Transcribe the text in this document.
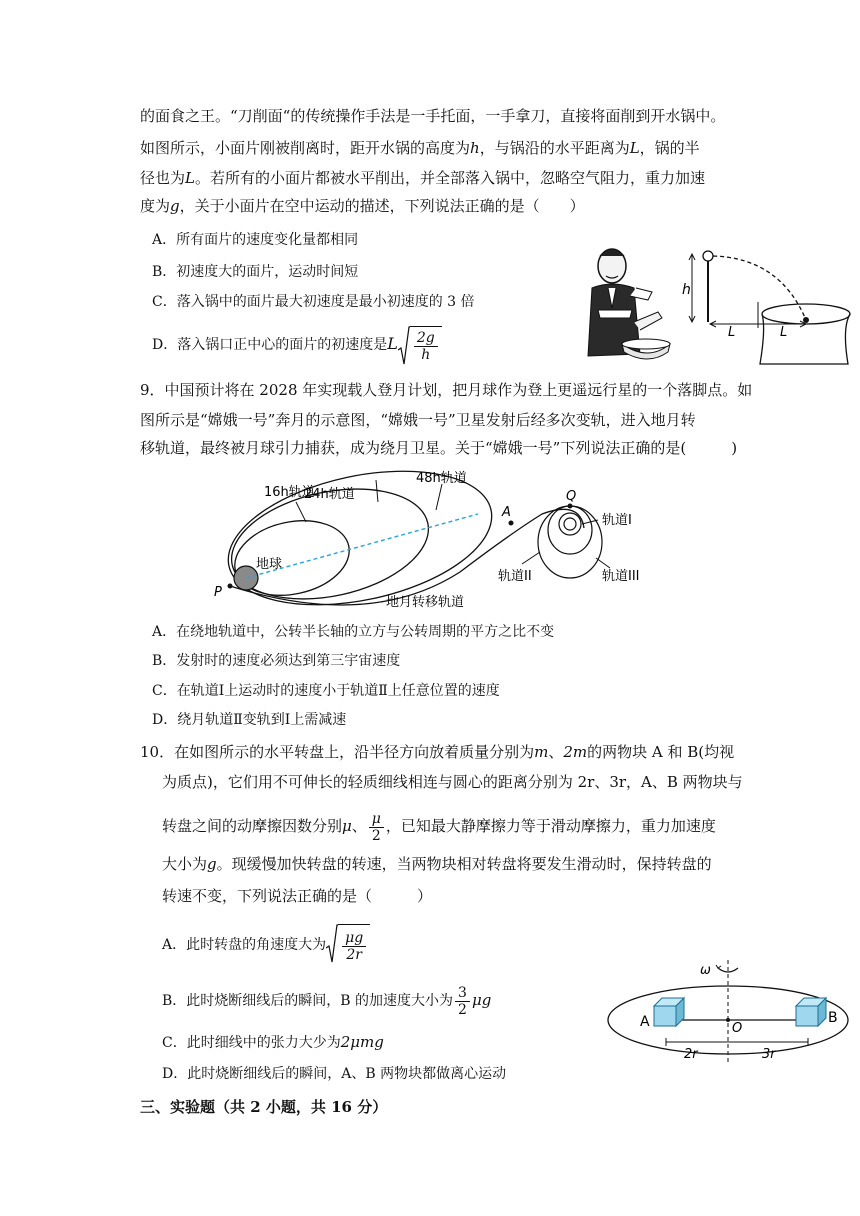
的面食之王。“刀削面“的传统操作手法是一手托面，一手拿刀，直接将面削到开水锅中。
如图所示，小面片刚被削离时，距开水锅的高度为h，与锅沿的水平距离为L，锅的半
径也为L。若所有的小面片都被水平削出，并全部落入锅中，忽略空气阻力，重力加速
度为g，关于小面片在空中运动的描述，下列说法正确的是（　　）
A．所有面片的速度变化量都相同
B．初速度大的面片，运动时间短
C．落入锅中的面片最大初速度是最小初速度的 3 倍
D．落入锅口正中心的面片的初速度是L $\frac{2g}{h}$
h
L	L
9．中国预计将在 2028 年实现载人登月计划，把月球作为登上更遥远行星的一个落脚点。如
图所示是“嫦娥一号”奔月的示意图，“嫦娥一号”卫星发射后经多次变轨，进入地月转
移轨道，最终被月球引力捕获，成为绕月卫星。关于“嫦娥一号”下列说法正确的是(　　　)
24h轨道
48h轨道
16h轨道
地球
P
A
Q
轨道I
轨道II	轨道III
地月转移轨道
A．在绕地轨道中，公转半长轴的立方与公转周期的平方之比不变
B．发射时的速度必须达到第三宇宙速度
C．在轨道Ⅰ上运动时的速度小于轨道Ⅱ上任意位置的速度
D．绕月轨道Ⅱ变轨到Ⅰ上需减速
10．在如图所示的水平转盘上，沿半径方向放着质量分别为m、2m的两物块 A 和 B(均视
为质点)，它们用不可伸长的轻质细线相连与圆心的距离分别为 2r、3r，A、B 两物块与
转盘之间的动摩擦因数分别μ、 $\frac{\mu}{2}$ ，已知最大静摩擦力等于滑动摩擦力，重力加速度
大小为g。现缓慢加快转盘的转速，当两物块相对转盘将要发生滑动时，保持转盘的
转速不变，下列说法正确的是（　　　）
A．此时转盘的角速度大为 $\frac{\mu g}{2r}$
B．此时烧断细线后的瞬间，B 的加速度大小为 $\frac{3}{2}$ μg
C．此时细线中的张力大少为2μmg
D．此时烧断细线后的瞬间，A、B 两物块都做离心运动
ω
A	B
O
2r	3r
三、实验题（共 2 小题，共 16 分）
